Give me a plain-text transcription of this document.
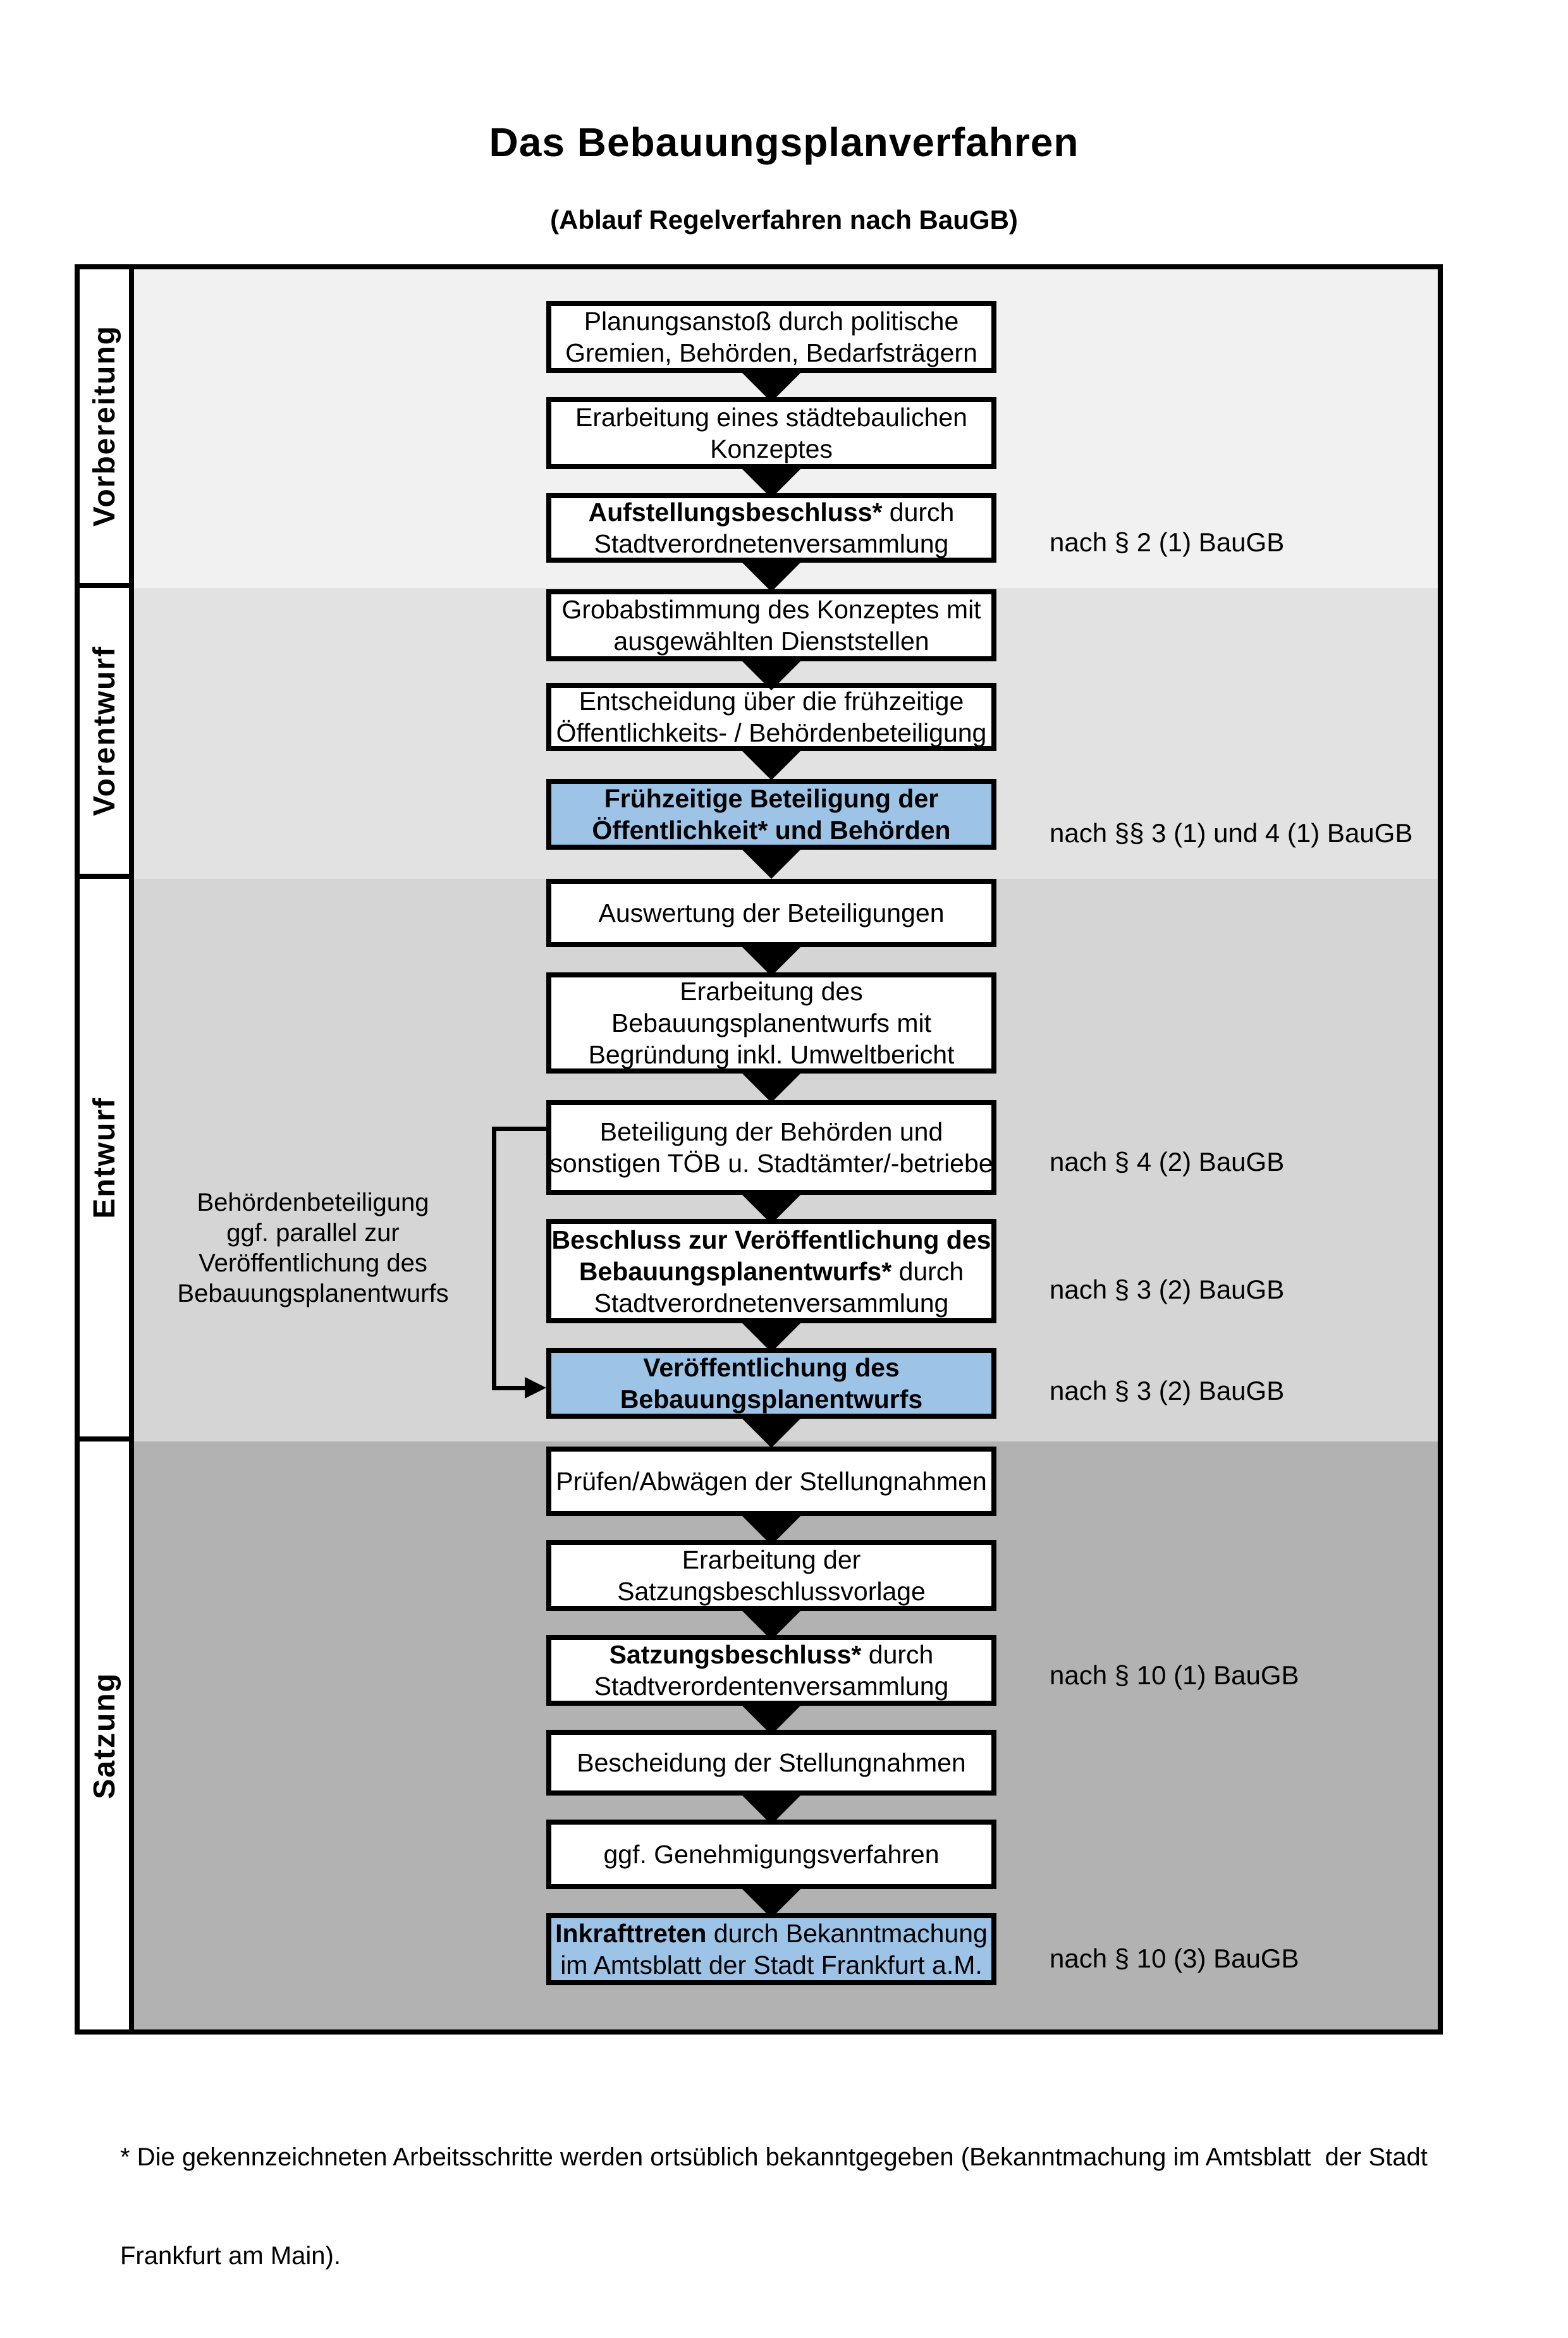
Das Bebauungsplanverfahren
(Ablauf Regelverfahren nach BauGB)
Vorbereitung
Vorentwurf
Entwurf
Satzung
Behördenbeteiligung
ggf. parallel zur
Veröffentlichung des
Bebauungsplanentwurfs
Planungsanstoß durch politische
Gremien, Behörden, Bedarfsträgern
Erarbeitung eines städtebaulichen
Konzeptes
Aufstellungsbeschluss* durch
Stadtverordnetenversammlung
Grobabstimmung des Konzeptes mit
ausgewählten Dienststellen
Entscheidung über die frühzeitige
Öffentlichkeits- / Behördenbeteiligung
Frühzeitige Beteiligung der
Öffentlichkeit* und Behörden
Auswertung der Beteiligungen
Erarbeitung des
Bebauungsplanentwurfs mit
Begründung inkl. Umweltbericht
Beteiligung der Behörden und
sonstigen TÖB u. Stadtämter/-betriebe
Beschluss zur Veröffentlichung des
Bebauungsplanentwurfs* durch
Stadtverordnetenversammlung
Veröffentlichung des
Bebauungsplanentwurfs
Prüfen/Abwägen der Stellungnahmen
Erarbeitung der
Satzungsbeschlussvorlage
Satzungsbeschluss* durch
Stadtverordentenversammlung
Bescheidung der Stellungnahmen
ggf. Genehmigungsverfahren
Inkrafttreten durch Bekanntmachung
im Amtsblatt der Stadt Frankfurt a.M.
nach § 2 (1) BauGB
nach §§ 3 (1) und 4 (1) BauGB
nach § 4 (2) BauGB
nach § 3 (2) BauGB
nach § 3 (2) BauGB
nach § 10 (1) BauGB
nach § 10 (3) BauGB

* Die gekennzeichneten Arbeitsschritte werden ortsüblich bekanntgegeben (Bekanntmachung im Amtsblatt  der Stadt

Frankfurt am Main).
